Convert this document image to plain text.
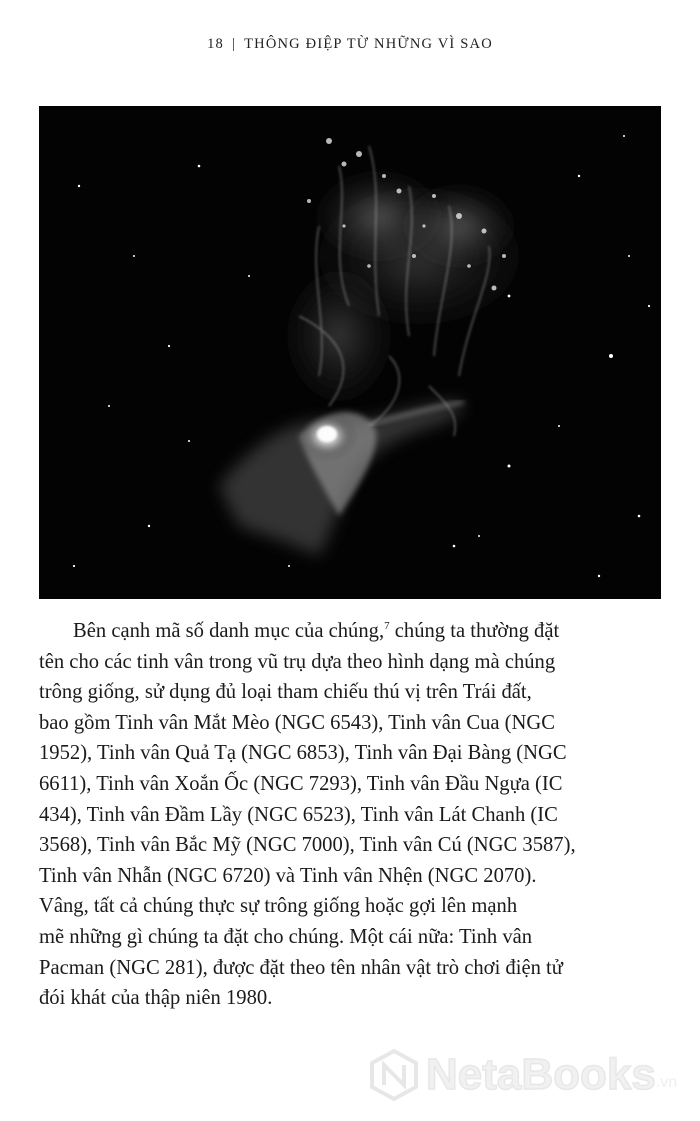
18 | THÔNG ĐIỆP TỪ NHỮNG VÌ SAO
Bên cạnh mã số danh mục của chúng,$^7$ chúng ta thường đặt
tên cho các tinh vân trong vũ trụ dựa theo hình dạng mà chúng
trông giống, sử dụng đủ loại tham chiếu thú vị trên Trái đất,
bao gồm Tinh vân Mắt Mèo (NGC 6543), Tinh vân Cua (NGC
1952), Tinh vân Quả Tạ (NGC 6853), Tinh vân Đại Bàng (NGC
6611), Tinh vân Xoắn Ốc (NGC 7293), Tinh vân Đầu Ngựa (IC
434), Tinh vân Đầm Lầy (NGC 6523), Tinh vân Lát Chanh (IC
3568), Tinh vân Bắc Mỹ (NGC 7000), Tinh vân Cú (NGC 3587),
Tinh vân Nhẫn (NGC 6720) và Tinh vân Nhện (NGC 2070).
Vâng, tất cả chúng thực sự trông giống hoặc gợi lên mạnh
mẽ những gì chúng ta đặt cho chúng. Một cái nữa: Tinh vân
Pacman (NGC 281), được đặt theo tên nhân vật trò chơi điện tử
đói khát của thập niên 1980.
NetaBooks .vn
